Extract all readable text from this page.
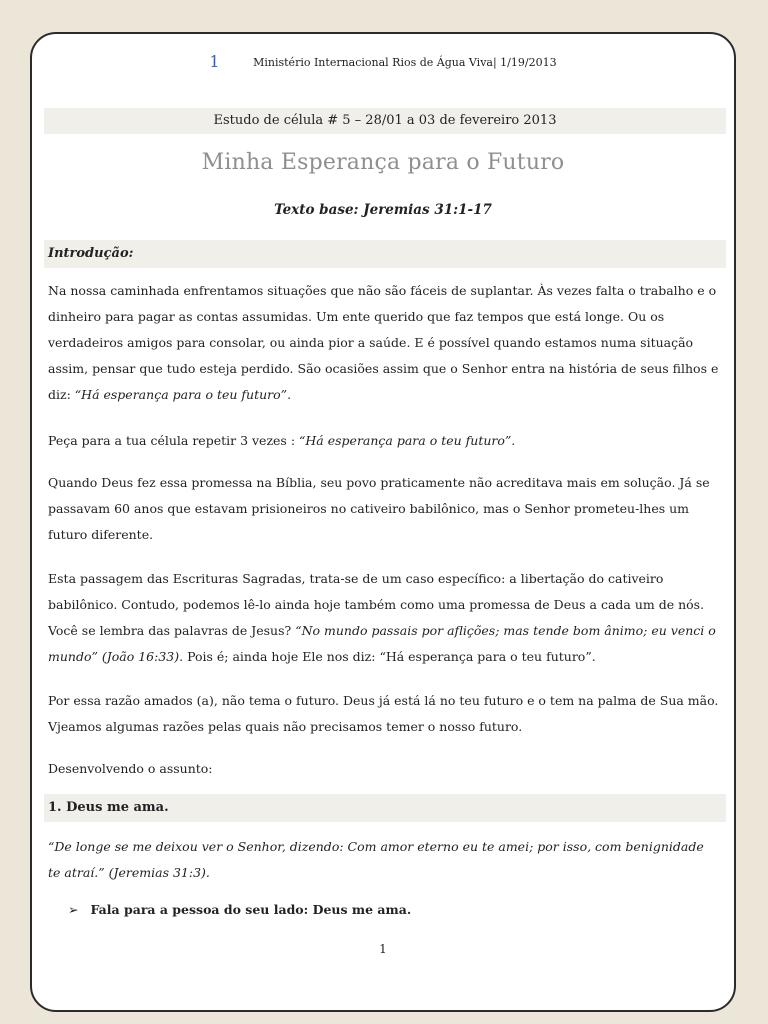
1	Ministério Internacional Rios de Água Viva| 1/19/2013
Estudo de célula # 5 – 28/01 a 03 de fevereiro 2013
Minha Esperança para o Futuro
Texto base: Jeremias 31:1-17
Introdução:
Na nossa caminhada enfrentamos situações que não são fáceis de suplantar. Às vezes falta o trabalho e o dinheiro para pagar as contas assumidas. Um ente querido que faz tempos que está longe. Ou os verdadeiros amigos para consolar, ou ainda pior a saúde. E é possível quando estamos numa situação assim, pensar que tudo esteja perdido. São ocasiões assim que o Senhor entra na história de seus filhos e diz: “Há esperança para o teu futuro”.
Peça para a tua célula repetir 3 vezes : “Há esperança para o teu futuro”.
Quando Deus fez essa promessa na Bíblia, seu povo praticamente não acreditava mais em solução. Já se passavam 60 anos que estavam prisioneiros no cativeiro babilônico, mas o Senhor prometeu-lhes um futuro diferente.
Esta passagem das Escrituras Sagradas, trata-se de um caso específico: a libertação do cativeiro babilônico. Contudo, podemos lê-lo ainda hoje também como uma promessa de Deus a cada um de nós. Você se lembra das palavras de Jesus? “No mundo passais por aflições; mas tende bom ânimo; eu venci o mundo” (João 16:33). Pois é; ainda hoje Ele nos diz: “Há esperança para o teu futuro”.
Por essa razão amados (a), não tema o futuro. Deus já está lá no teu futuro e o tem na palma de Sua mão. Vjeamos algumas razões pelas quais não precisamos temer o nosso futuro.
Desenvolvendo o assunto:
1. Deus me ama.
“De longe se me deixou ver o Senhor, dizendo: Com amor eterno eu te amei; por isso, com benignidade te atraí.” (Jeremias 31:3).
➢ Fala para a pessoa do seu lado: Deus me ama.
1
